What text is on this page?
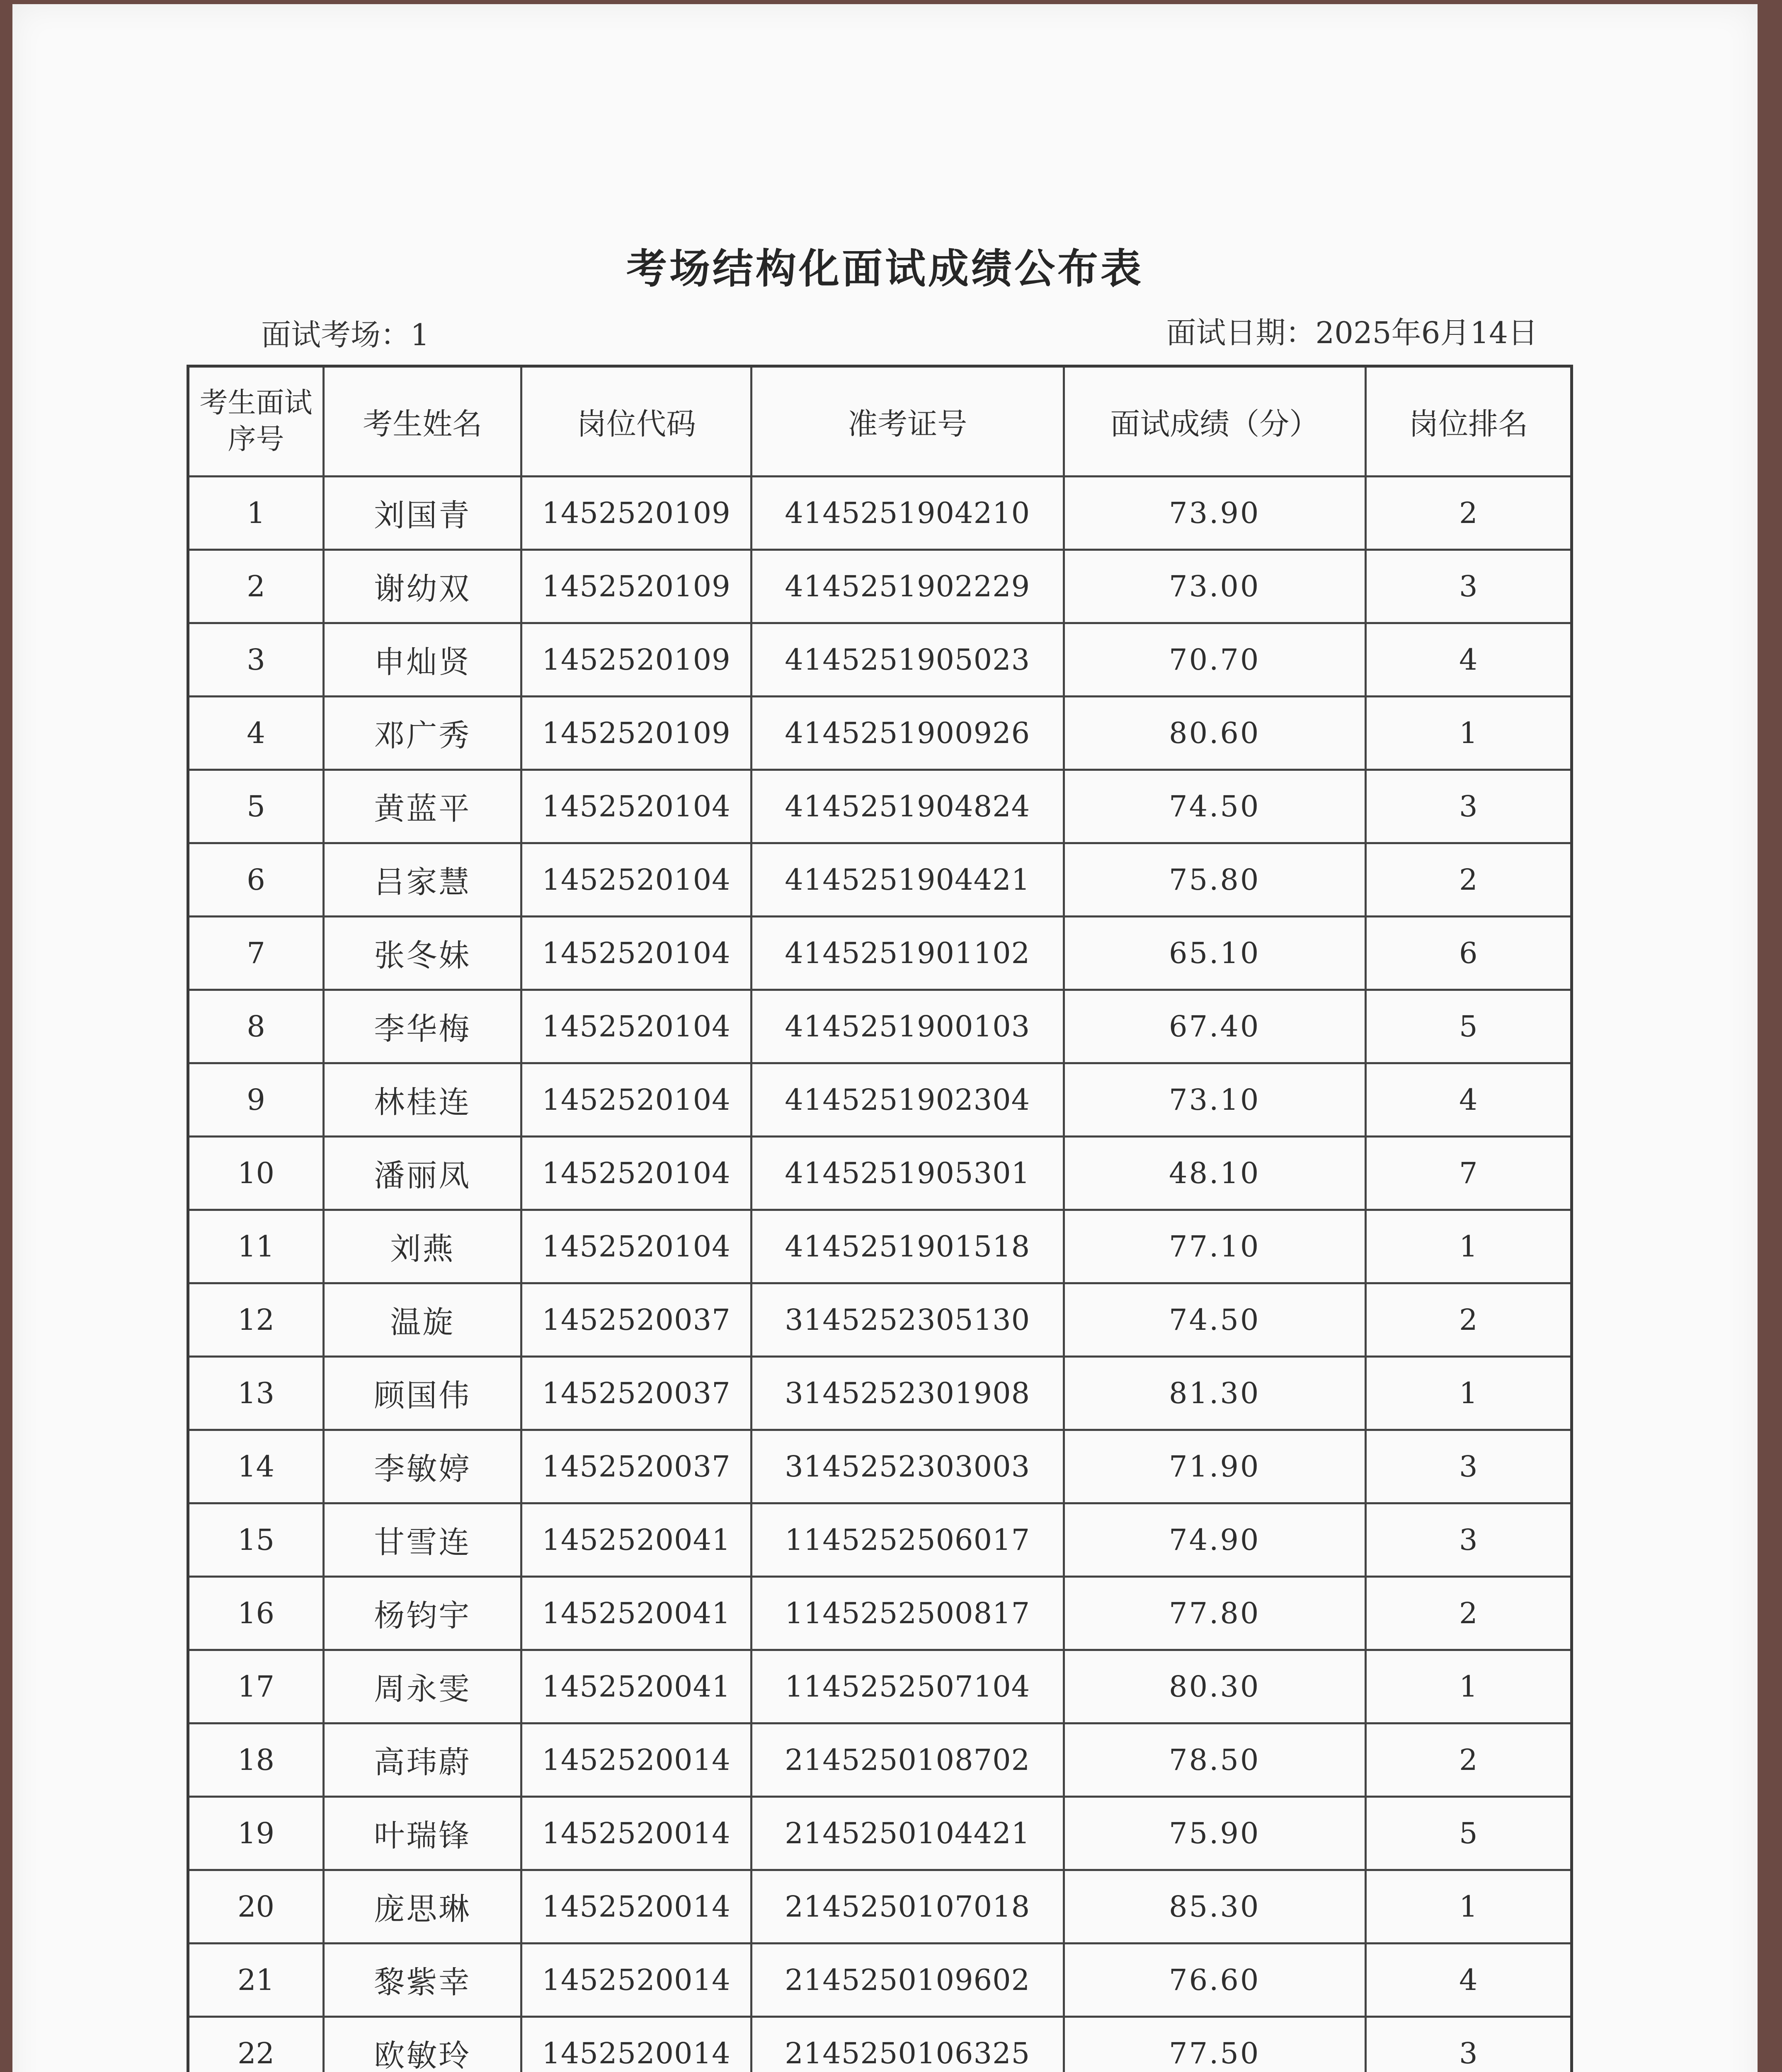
考场结构化面试成绩公布表
面试考场：1	面试日期：2025年6月14日
考生面试序号	考生姓名	岗位代码	准考证号	面试成绩（分）	岗位排名
1	刘国青	1452520109	4145251904210	73.90	2
2	谢幼双	1452520109	4145251902229	73.00	3
3	申灿贤	1452520109	4145251905023	70.70	4
4	邓广秀	1452520109	4145251900926	80.60	1
5	黄蓝平	1452520104	4145251904824	74.50	3
6	吕家慧	1452520104	4145251904421	75.80	2
7	张冬妹	1452520104	4145251901102	65.10	6
8	李华梅	1452520104	4145251900103	67.40	5
9	林桂连	1452520104	4145251902304	73.10	4
10	潘丽凤	1452520104	4145251905301	48.10	7
11	刘燕	1452520104	4145251901518	77.10	1
12	温旋	1452520037	3145252305130	74.50	2
13	顾国伟	1452520037	3145252301908	81.30	1
14	李敏婷	1452520037	3145252303003	71.90	3
15	甘雪连	1452520041	1145252506017	74.90	3
16	杨钧宇	1452520041	1145252500817	77.80	2
17	周永雯	1452520041	1145252507104	80.30	1
18	高玮蔚	1452520014	2145250108702	78.50	2
19	叶瑞锋	1452520014	2145250104421	75.90	5
20	庞思琳	1452520014	2145250107018	85.30	1
21	黎紫幸	1452520014	2145250109602	76.60	4
22	欧敏玲	1452520014	2145250106325	77.50	3
